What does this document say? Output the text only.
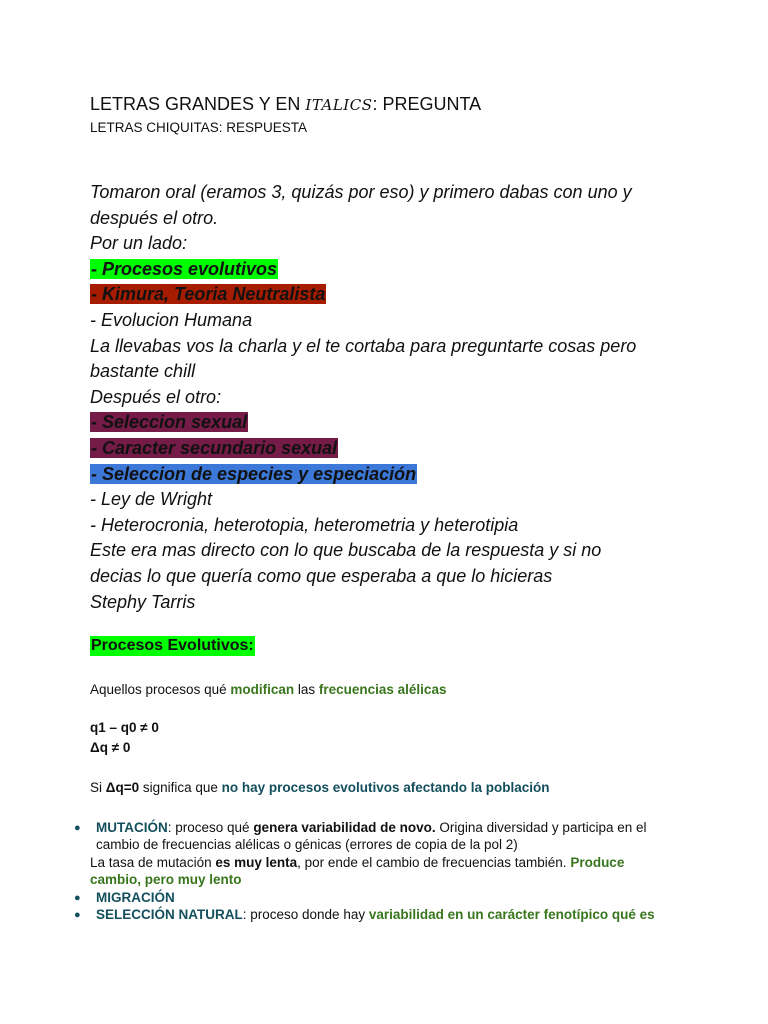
LETRAS GRANDES Y EN ITALICS: PREGUNTA
LETRAS CHIQUITAS: RESPUESTA
Tomaron oral (eramos 3, quizás por eso) y primero dabas con uno y
después el otro.
Por un lado:
- Procesos evolutivos
- Kimura, Teoria Neutralista
- Evolucion Humana
La llevabas vos la charla y el te cortaba para preguntarte cosas pero
bastante chill
Después el otro:
- Seleccion sexual
- Caracter secundario sexual
- Seleccion de especies y especiación
- Ley de Wright
- Heterocronia, heterotopia, heterometria y heterotipia
Este era mas directo con lo que buscaba de la respuesta y si no
decias lo que quería como que esperaba a que lo hicieras
Stephy Tarris
Procesos Evolutivos:
Aquellos procesos qué modifican las frecuencias alélicas
q1 – q0 ≠ 0
Δq ≠ 0
Si Δq=0 significa que no hay procesos evolutivos afectando la población
● MUTACIÓN: proceso qué genera variabilidad de novo. Origina diversidad y participa en el
cambio de frecuencias alélicas o génicas (errores de copia de la pol 2)
La tasa de mutación es muy lenta, por ende el cambio de frecuencias también. Produce
cambio, pero muy lento
● MIGRACIÓN
● SELECCIÓN NATURAL: proceso donde hay variabilidad en un carácter fenotípico qué es
